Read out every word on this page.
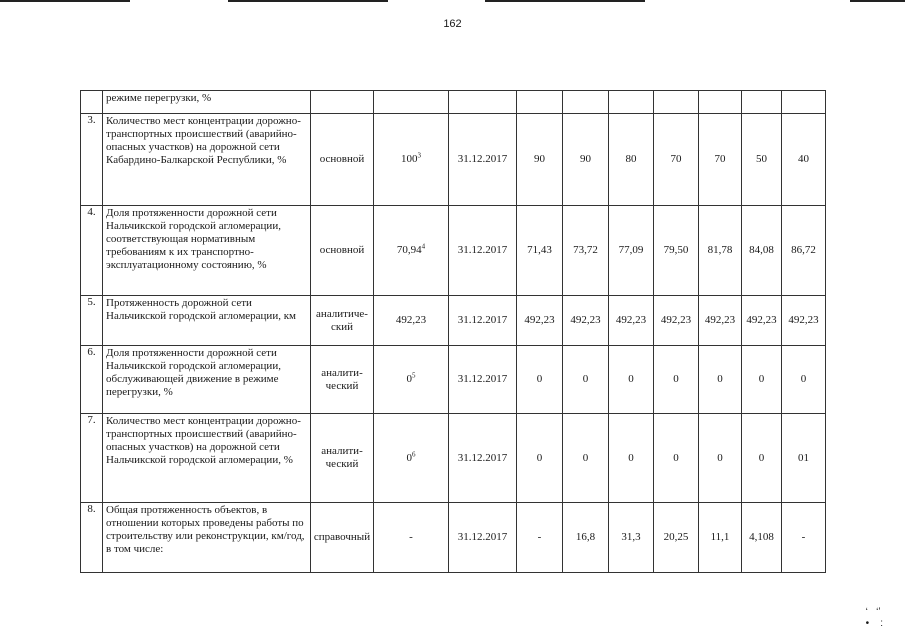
162
	режиме перегрузки, %										
3.	Количество мест концентрации дорожно-транспортных происшествий (аварийно-опасных участков) на дорожной сети Кабардино-Балкарской Республики, %	основной	$100^3$	31.12.2017	90	90	80	70	70	50	40
4.	Доля протяженности дорожной сети Нальчикской городской агломерации, соответствующая нормативным требованиям к их транспортно-эксплуатационному состоянию, %	основной	70,94$^4$	31.12.2017	71,43	73,72	77,09	79,50	81,78	84,08	86,72
5.	Протяженность дорожной сети Нальчикской городской агломерации, км	аналитиче-ский	492,23	31.12.2017	492,23	492,23	492,23	492,23	492,23	492,23	492,23
6.	Доля протяженности дорожной сети Нальчикской городской агломерации, обслуживающей движение в режиме перегрузки, %	аналити-ческий	$0^5$	31.12.2017	0	0	0	0	0	0	0
7.	Количество мест концентрации дорожно-транспортных происшествий (аварийно-опасных участков) на дорожной сети Нальчикской городской агломерации, %	аналити-ческий	$0^6$	31.12.2017	0	0	0	0	0	0	01
8.	Общая протяженность объектов, в отношении которых проведены работы по строительству или реконструкции, км/год, в том числе:	справочный	-	31.12.2017	-	16,8	31,3	20,25	11,1	4,108	-
ʻ   ʻʼ
•    :
